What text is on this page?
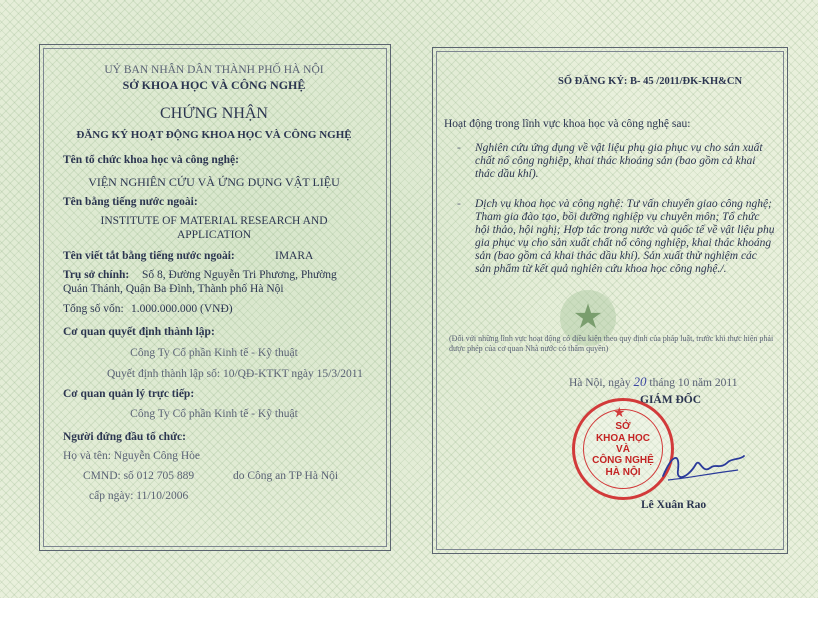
UỶ BAN NHÂN DÂN THÀNH PHỐ HÀ NỘI
SỞ KHOA HỌC VÀ CÔNG NGHỆ
CHỨNG NHẬN
ĐĂNG KÝ HOẠT ĐỘNG KHOA HỌC VÀ CÔNG NGHỆ
Tên tổ chức khoa học và công nghệ:
VIỆN NGHIÊN CỨU VÀ ỨNG DỤNG VẬT LIỆU
Tên bằng tiếng nước ngoài:
INSTITUTE OF MATERIAL RESEARCH AND
APPLICATION
Tên viết tắt bằng tiếng nước ngoài:	IMARA
Trụ sở chính: Số 8, Đường Nguyễn Tri Phương, Phường
Quán Thánh, Quận Ba Đình, Thành phố Hà Nội
Tổng số vốn: 1.000.000.000 (VNĐ)
Cơ quan quyết định thành lập:
Công Ty Cổ phần Kinh tế - Kỹ thuật
Quyết định thành lập số: 10/QĐ-KTKT ngày 15/3/2011
Cơ quan quản lý trực tiếp:
Công Ty Cổ phần Kinh tế - Kỹ thuật
Người đứng đầu tổ chức:
Họ và tên: Nguyễn Công Hòe
CMND: số 012 705 889	do Công an TP Hà Nội
cấp ngày: 11/10/2006
SỐ ĐĂNG KÝ: B- 45 /2011/ĐK-KH&CN
Hoạt động trong lĩnh vực khoa học và công nghệ sau:
- Nghiên cứu ứng dụng về vật liệu phụ gia phục vụ cho sản xuất chất nổ công nghiệp, khai thác khoáng sản (bao gồm cả khai thác dầu khí).
- Dịch vụ khoa học và công nghệ: Tư vấn chuyển giao công nghệ; Tham gia đào tạo, bồi dưỡng nghiệp vụ chuyên môn; Tổ chức hội thảo, hội nghị; Hợp tác trong nước và quốc tế về vật liệu phụ gia phục vụ cho sản xuất chất nổ công nghiệp, khai thác khoáng sản (bao gồm cả khai thác dầu khí). Sản xuất thử nghiệm các sản phẩm từ kết quả nghiên cứu khoa học công nghệ./.
★
(Đối với những lĩnh vực hoạt động có điều kiện theo quy định của pháp luật, trước khi thực hiện phải được phép của cơ quan Nhà nước có thẩm quyền)
Hà Nội, ngày 20 tháng 10 năm 2011
GIÁM ĐỐC
★
SỞ
KHOA HỌC
VÀ
CÔNG NGHỆ
HÀ NỘI
Lê Xuân Rao
